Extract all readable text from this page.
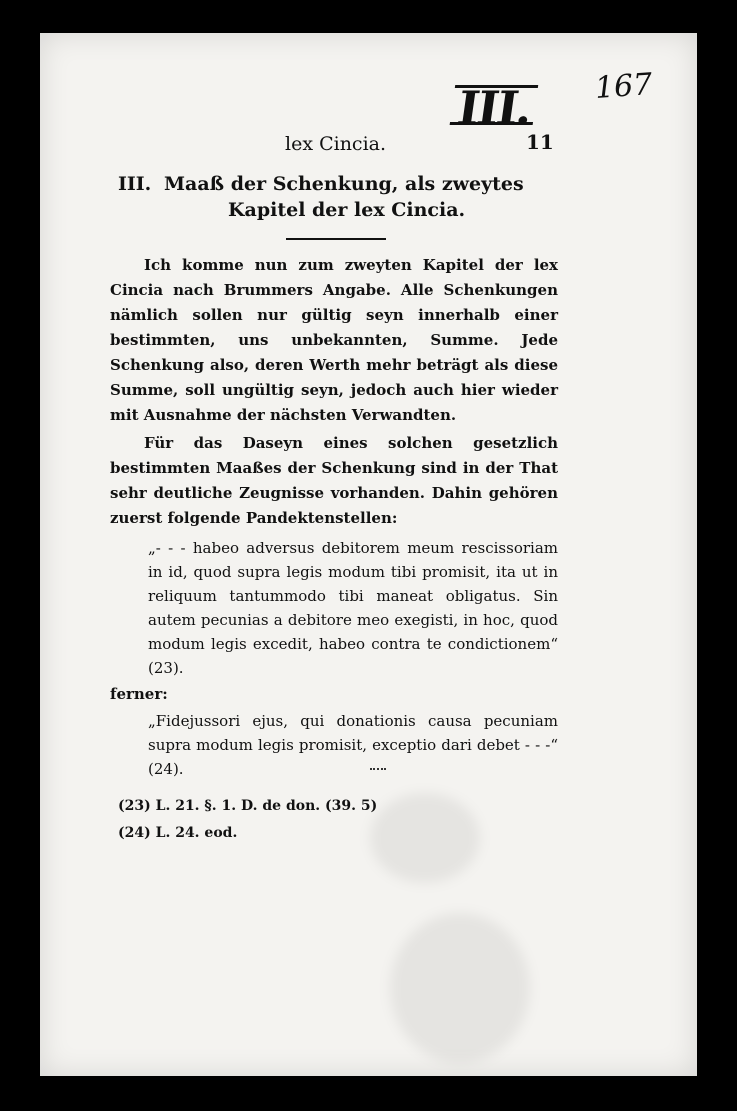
III. 167
lex Cincia.	11
III. Maaß der Schenkung, als zweytes
Kapitel der lex Cincia.

Ich komme nun zum zweyten Kapitel der lex Cincia nach Brummers Angabe. Alle Schenkungen nämlich sollen nur gültig seyn innerhalb einer bestimmten, uns unbekannten, Summe. Jede Schenkung also, deren Werth mehr beträgt als diese Summe, soll ungültig seyn, jedoch auch hier wieder mit Ausnahme der nächsten Verwandten.

Für das Daseyn eines solchen gesetzlich bestimmten Maaßes der Schenkung sind in der That sehr deutliche Zeugnisse vorhanden. Dahin gehören zuerst folgende Pandektenstellen:

„- - - habeo adversus debitorem meum rescissoriam in id, quod supra legis modum tibi promisit, ita ut in reliquum tantummodo tibi maneat obligatus. Sin autem pecunias a debitore meo exegisti, in hoc, quod modum legis excedit, habeo contra te condictionem“ (23).
ferner:
„Fidejussori ejus, qui donationis causa pecuniam supra modum legis promisit, exceptio dari debet - - -“ (24).
(23) L. 21. §. 1. D. de don. (39. 5)
(24) L. 24. eod.
